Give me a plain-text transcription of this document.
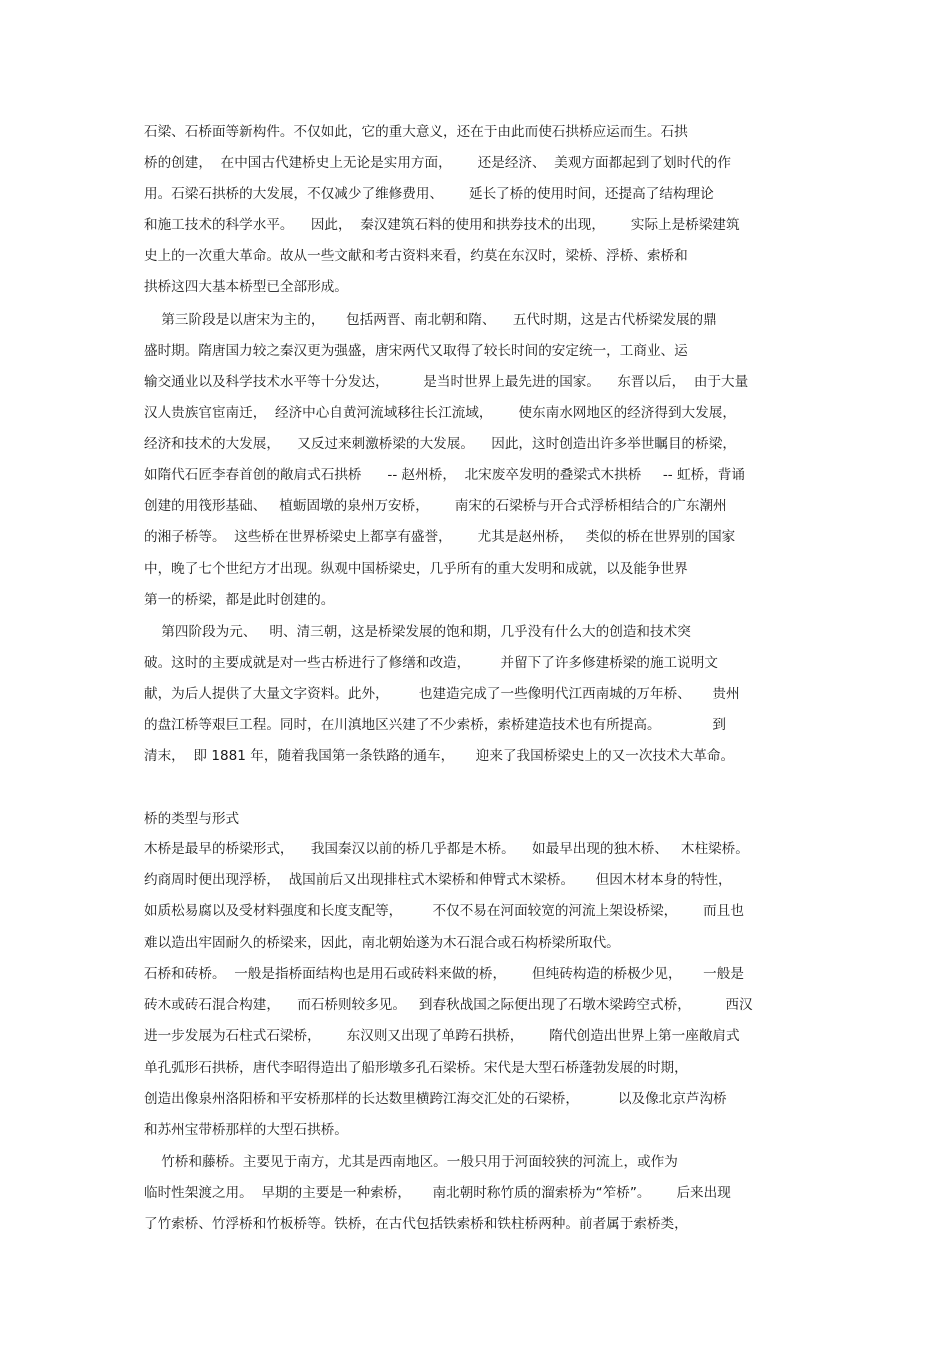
石梁、石桥面等新构件。不仅如此，它的重大意义，还在于由此而使石拱桥应运而生。石拱
桥的创建，  在中国古代建桥史上无论是实用方面，      还是经济、  美观方面都起到了划时代的作
用。石梁石拱桥的大发展，不仅减少了维修费用、      延长了桥的使用时间，还提高了结构理论
和施工技术的科学水平。    因此，  秦汉建筑石料的使用和拱券技术的出现，      实际上是桥梁建筑
史上的一次重大革命。故从一些文献和考古资料来看，约莫在东汉时，梁桥、浮桥、索桥和
拱桥这四大基本桥型已全部形成。
第三阶段是以唐宋为主的，     包括两晋、南北朝和隋、    五代时期，这是古代桥梁发展的鼎
盛时期。隋唐国力较之秦汉更为强盛，唐宋两代又取得了较长时间的安定统一，工商业、运
输交通业以及科学技术水平等十分发达，        是当时世界上最先进的国家。    东晋以后，  由于大量
汉人贵族官宦南迁，  经济中心自黄河流域移往长江流域，      使东南水网地区的经济得到大发展，
经济和技术的大发展，    又反过来刺激桥梁的大发展。    因此，这时创造出许多举世瞩目的桥梁，
如隋代石匠李春首创的敞肩式石拱桥      -- 赵州桥，  北宋废卒发明的叠梁式木拱桥     -- 虹桥，背诵
创建的用筏形基础、   植蛎固墩的泉州万安桥，      南宋的石梁桥与开合式浮桥相结合的广东潮州
的湘子桥等。  这些桥在世界桥梁史上都享有盛誉，      尤其是赵州桥，   类似的桥在世界别的国家
中，晚了七个世纪方才出现。纵观中国桥梁史，几乎所有的重大发明和成就，以及能争世界
第一的桥梁，都是此时创建的。
第四阶段为元、   明、清三朝，这是桥梁发展的饱和期，几乎没有什么大的创造和技术突
破。这时的主要成就是对一些古桥进行了修缮和改造，       并留下了许多修建桥梁的施工说明文
献，为后人提供了大量文字资料。此外，       也建造完成了一些像明代江西南城的万年桥、     贵州
的盘江桥等艰巨工程。同时，在川滇地区兴建了不少索桥，索桥建造技术也有所提高。            到
清末，  即 1881 年，随着我国第一条铁路的通车，     迎来了我国桥梁史上的又一次技术大革命。
桥的类型与形式
木桥是最早的桥梁形式，    我国秦汉以前的桥几乎都是木桥。    如最早出现的独木桥、   木柱梁桥。
约商周时便出现浮桥，  战国前后又出现排柱式木梁桥和伸臂式木梁桥。     但因木材本身的特性，
如质松易腐以及受材料强度和长度支配等，       不仅不易在河面较宽的河流上架设桥梁，      而且也
难以造出牢固耐久的桥梁来，因此，南北朝始遂为木石混合或石构桥梁所取代。
石桥和砖桥。  一般是指桥面结构也是用石或砖料来做的桥，      但纯砖构造的桥极少见，     一般是
砖木或砖石混合构建，    而石桥则较多见。   到春秋战国之际便出现了石墩木梁跨空式桥，        西汉
进一步发展为石柱式石梁桥，      东汉则又出现了单跨石拱桥，      隋代创造出世界上第一座敞肩式
单孔弧形石拱桥，唐代李昭得造出了船形墩多孔石梁桥。宋代是大型石桥蓬勃发展的时期，
创造出像泉州洛阳桥和平安桥那样的长达数里横跨江海交汇处的石梁桥，         以及像北京芦沟桥
和苏州宝带桥那样的大型石拱桥。
竹桥和藤桥。主要见于南方，尤其是西南地区。一般只用于河面较狭的河流上，或作为
临时性架渡之用。  早期的主要是一种索桥，     南北朝时称竹质的溜索桥为“笮桥”。      后来出现
了竹索桥、竹浮桥和竹板桥等。铁桥，在古代包括铁索桥和铁柱桥两种。前者属于索桥类，
